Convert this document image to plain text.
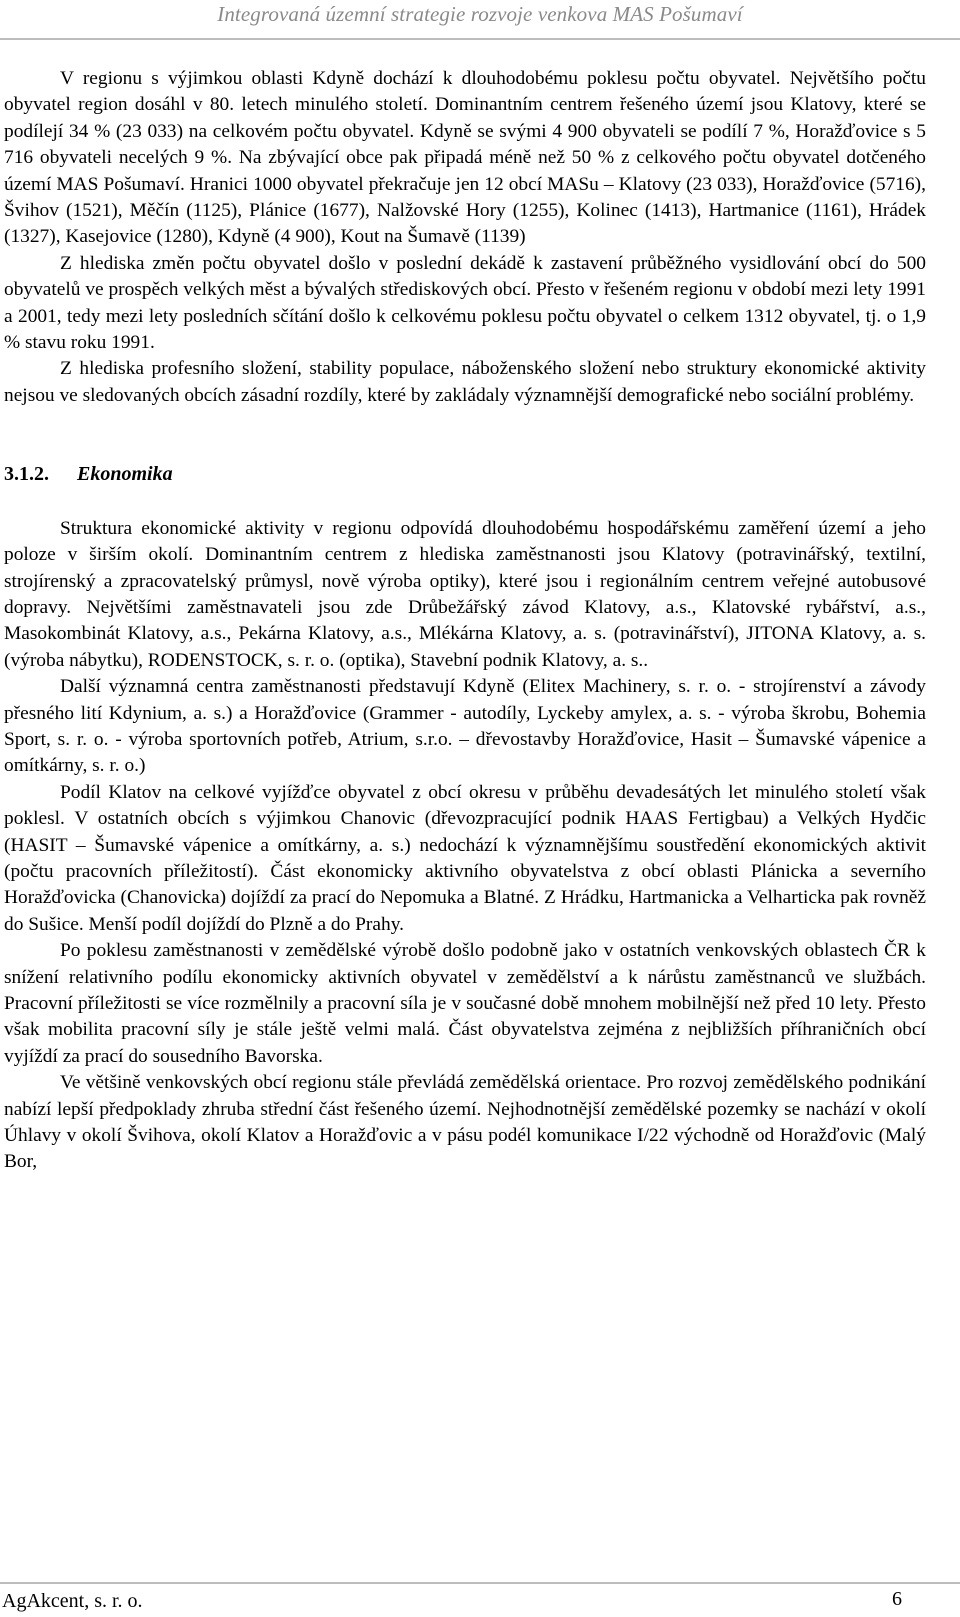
Integrovaná územní strategie rozvoje venkova MAS Pošumaví

V regionu s výjimkou oblasti Kdyně dochází k dlouhodobému poklesu počtu obyvatel. Největšího počtu obyvatel region dosáhl v 80. letech minulého století. Dominantním centrem řešeného území jsou Klatovy, které se podílejí 34 % (23 033) na celkovém počtu obyvatel. Kdyně se svými 4 900 obyvateli se podílí 7 %, Horažďovice s 5 716 obyvateli necelých 9 %. Na zbývající obce pak připadá méně než 50 % z celkového počtu obyvatel dotčeného území MAS Pošumaví. Hranici 1000 obyvatel překračuje jen 12 obcí MASu – Klatovy (23 033), Horažďovice (5716), Švihov (1521), Měčín (1125), Plánice (1677), Nalžovské Hory (1255), Kolinec (1413), Hartmanice (1161), Hrádek (1327), Kasejovice (1280), Kdyně (4 900), Kout na Šumavě (1139)

Z hlediska změn počtu obyvatel došlo v poslední dekádě k zastavení průběžného vysidlování obcí do 500 obyvatelů ve prospěch velkých měst a bývalých střediskových obcí. Přesto v řešeném regionu v období mezi lety 1991 a 2001, tedy mezi lety posledních sčítání došlo k celkovému poklesu počtu obyvatel o celkem 1312 obyvatel, tj. o 1,9 % stavu roku 1991.

Z hlediska profesního složení, stability populace, náboženského složení nebo struktury ekonomické aktivity nejsou ve sledovaných obcích zásadní rozdíly, které by zakládaly významnější demografické nebo sociální problémy.

3.1.2. Ekonomika

Struktura ekonomické aktivity v regionu odpovídá dlouhodobému hospodářskému zaměření území a jeho poloze v širším okolí. Dominantním centrem z hlediska zaměstnanosti jsou Klatovy (potravinářský, textilní, strojírenský a zpracovatelský průmysl, nově výroba optiky), které jsou i regionálním centrem veřejné autobusové dopravy. Největšími zaměstnavateli jsou zde Drůbežářský závod Klatovy, a.s., Klatovské rybářství, a.s., Masokombinát Klatovy, a.s., Pekárna Klatovy, a.s., Mlékárna Klatovy, a. s. (potravinářství), JITONA Klatovy, a. s. (výroba nábytku), RODENSTOCK, s. r. o. (optika), Stavební podnik Klatovy, a. s..

Další významná centra zaměstnanosti představují Kdyně (Elitex Machinery, s. r. o. - strojírenství a závody přesného lití Kdynium, a. s.) a Horažďovice (Grammer - autodíly, Lyckeby amylex, a. s. - výroba škrobu, Bohemia Sport, s. r. o. - výroba sportovních potřeb, Atrium, s.r.o. – dřevostavby Horažďovice, Hasit – Šumavské vápenice a omítkárny, s. r. o.)

Podíl Klatov na celkové vyjížďce obyvatel z obcí okresu v průběhu devadesátých let minulého století však poklesl. V ostatních obcích s výjimkou Chanovic (dřevozpracující podnik HAAS Fertigbau) a Velkých Hydčic (HASIT – Šumavské vápenice a omítkárny, a. s.) nedochází k významnějšímu soustředění ekonomických aktivit (počtu pracovních příležitostí). Část ekonomicky aktivního obyvatelstva z obcí oblasti Plánicka a severního Horažďovicka (Chanovicka) dojíždí za prací do Nepomuka a Blatné. Z Hrádku, Hartmanicka a Velharticka pak rovněž do Sušice. Menší podíl dojíždí do Plzně a do Prahy.

Po poklesu zaměstnanosti v zemědělské výrobě došlo podobně jako v ostatních venkovských oblastech ČR k snížení relativního podílu ekonomicky aktivních obyvatel v zemědělství a k nárůstu zaměstnanců ve službách. Pracovní příležitosti se více rozmělnily a pracovní síla je v současné době mnohem mobilnější než před 10 lety. Přesto však mobilita pracovní síly je stále ještě velmi malá. Část obyvatelstva zejména z nejbližších příhraničních obcí vyjíždí za prací do sousedního Bavorska.

Ve většině venkovských obcí regionu stále převládá zemědělská orientace. Pro rozvoj zemědělského podnikání nabízí lepší předpoklady zhruba střední část řešeného území. Nejhodnotnější zemědělské pozemky se nachází v okolí Úhlavy v okolí Švihova, okolí Klatov a Horažďovic a v pásu podél komunikace I/22 východně od Horažďovic (Malý Bor,

AgAkcent, s. r. o.	6
